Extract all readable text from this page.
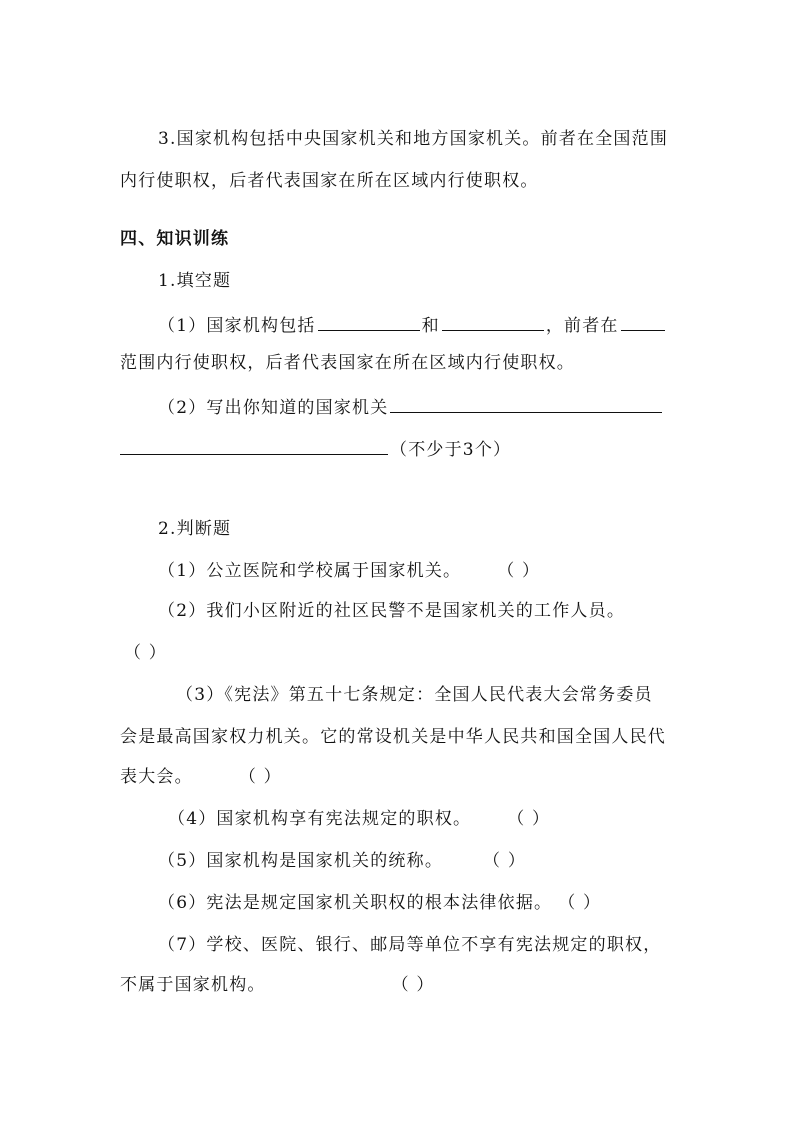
3.国家机构包括中央国家机关和地方国家机关。前者在全国范围
内行使职权，后者代表国家在所在区域内行使职权。
四、知识训练
1.填空题
（1）国家机构包括	和	，前者在
范围内行使职权，后者代表国家在所在区域内行使职权。
（2）写出你知道的国家机关
（不少于3个）
2.判断题
（1）公立医院和学校属于国家机关。 （ ）
（2）我们小区附近的社区民警不是国家机关的工作人员。
（ ）
（3）《宪法》第五十七条规定：全国人民代表大会常务委员
会是最高国家权力机关。它的常设机关是中华人民共和国全国人民代
表大会。	（ ）
（4）国家机构享有宪法规定的职权。 （ ）
（5）国家机构是国家机关的统称。 （ ）
（6）宪法是规定国家机关职权的根本法律依据。 （ ）
（7）学校、医院、银行、邮局等单位不享有宪法规定的职权，
不属于国家机构。	（ ）
